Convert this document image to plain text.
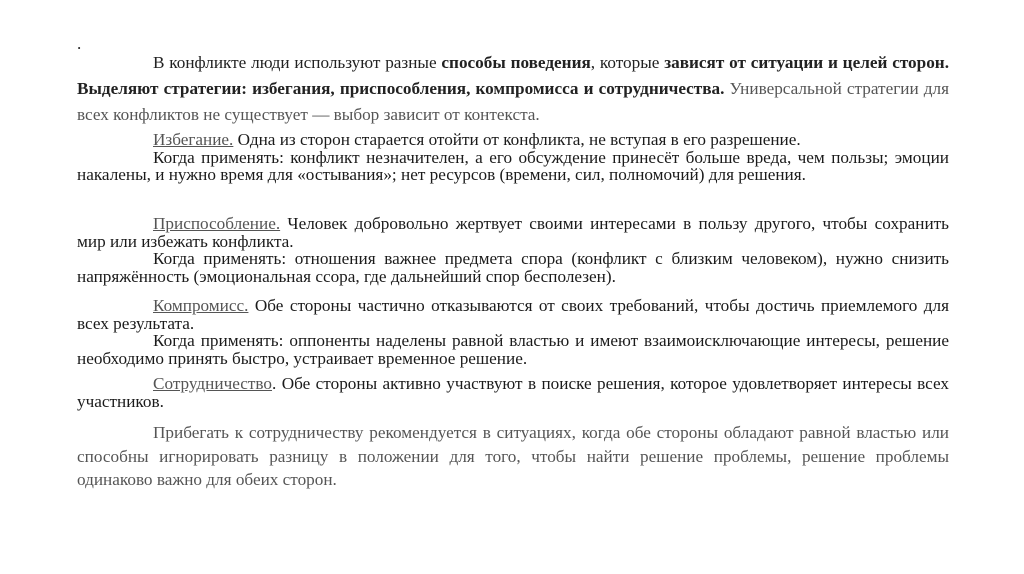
.

В конфликте люди используют разные способы поведения, которые зависят от ситуации и целей сторон. Выделяют стратегии: избегания, приспособления, компромисса и сотрудничества. Универсальной стратегии для всех конфликтов не существует — выбор зависит от контекста.

Избегание. Одна из сторон старается отойти от конфликта, не вступая в его разрешение.

Когда применять: конфликт незначителен, а его обсуждение принесёт больше вреда, чем пользы; эмоции накалены, и нужно время для «остывания»; нет ресурсов (времени, сил, полномочий) для решения.

Приспособление. Человек добровольно жертвует своими интересами в пользу другого, чтобы сохранить мир или избежать конфликта.

Когда применять: отношения важнее предмета спора (конфликт с близким человеком), нужно снизить напряжённость (эмоциональная ссора, где дальнейший спор бесполезен).

Компромисс. Обе стороны частично отказываются от своих требований, чтобы достичь приемлемого для всех результата.

Когда применять: оппоненты наделены равной властью и имеют взаимоисключающие интересы, решение необходимо принять быстро, устраивает временное решение.

Сотрудничество. Обе стороны активно участвуют в поиске решения, которое удовлетворяет интересы всех участников.

Прибегать к сотрудничеству рекомендуется в ситуациях, когда обе стороны обладают равной властью или способны игнорировать разницу в положении для того, чтобы найти решение проблемы, решение проблемы одинаково важно для обеих сторон.
